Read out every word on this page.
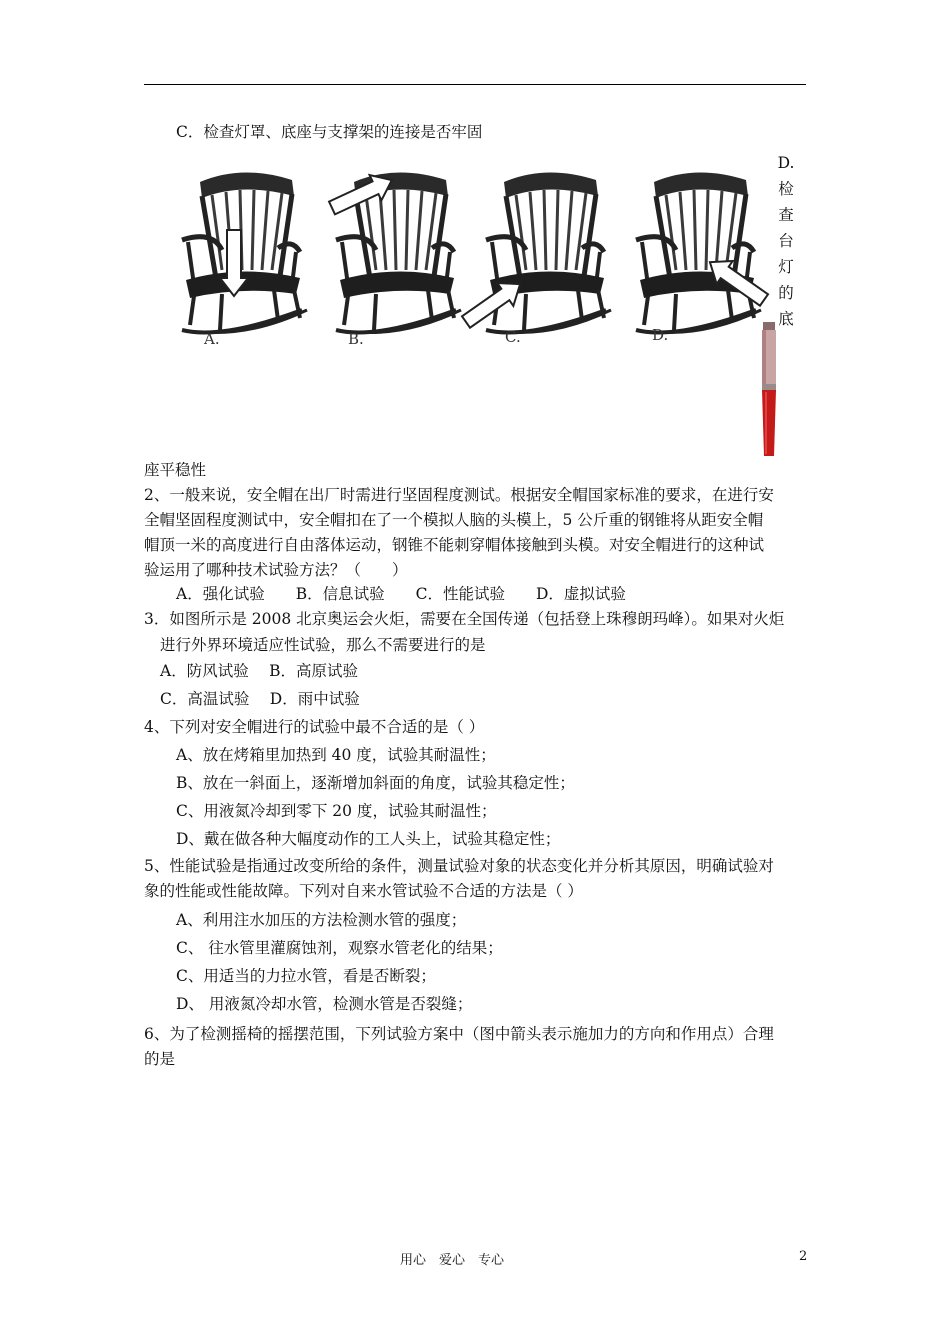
C．检查灯罩、底座与支撑架的连接是否牢固
A.	B.	C.	D.
D.
检
查
台
灯
的
底
座平稳性
2、一般来说，安全帽在出厂时需进行坚固程度测试。根据安全帽国家标准的要求，在进行安
全帽坚固程度测试中，安全帽扣在了一个模拟人脑的头模上，5 公斤重的钢锥将从距安全帽
帽顶一米的高度进行自由落体运动，钢锥不能刺穿帽体接触到头模。对安全帽进行的这种试
验运用了哪种技术试验方法？（　　）
A．强化试验　　B．信息试验　　C．性能试验　　D．虚拟试验
3．如图所示是 2008 北京奥运会火炬，需要在全国传递（包括登上珠穆朗玛峰）。如果对火炬
进行外界环境适应性试验，那么不需要进行的是
A．防风试验　 B．高原试验
C．高温试验　 D．雨中试验
4、下列对安全帽进行的试验中最不合适的是（ ）
A、放在烤箱里加热到 40 度，试验其耐温性；
B、放在一斜面上，逐渐增加斜面的角度，试验其稳定性；
C、用液氮冷却到零下 20 度，试验其耐温性；
D、戴在做各种大幅度动作的工人头上，试验其稳定性；
5、性能试验是指通过改变所给的条件，测量试验对象的状态变化并分析其原因，明确试验对
象的性能或性能故障。下列对自来水管试验不合适的方法是（ ）
A、利用注水加压的方法检测水管的强度；
C、 往水管里灌腐蚀剂，观察水管老化的结果；
C、用适当的力拉水管，看是否断裂；
D、 用液氮冷却水管，检测水管是否裂缝；
6、为了检测摇椅的摇摆范围，下列试验方案中（图中箭头表示施加力的方向和作用点）合理
的是
用心　爱心　专心	2
